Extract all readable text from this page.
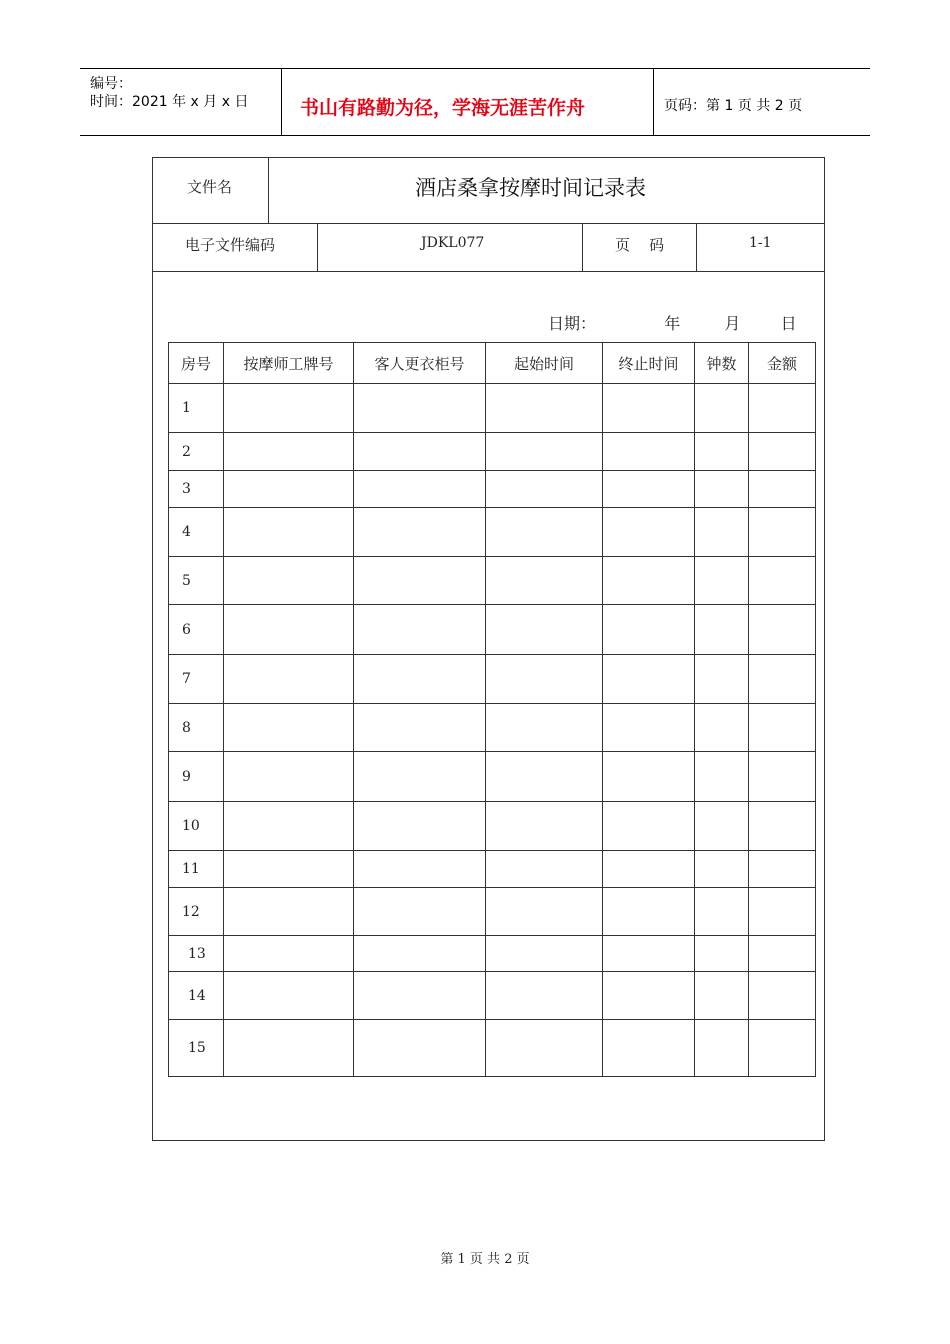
编号：
时间：2021 年 x 月 x 日	书山有路勤为径，学海无涯苦作舟	页码：第 1 页 共 2 页
文件名	酒店桑拿按摩时间记录表
电子文件编码	JDKL077	页    码	1-1
日期：	年	月	日
房号	按摩师工牌号	客人更衣柜号	起始时间	终止时间	钟数	金额
1						
2						
3						
4						
5						
6						
7						
8						
9						
10						
11						
12						
13						
14						
15						
第 1 页 共 2 页
